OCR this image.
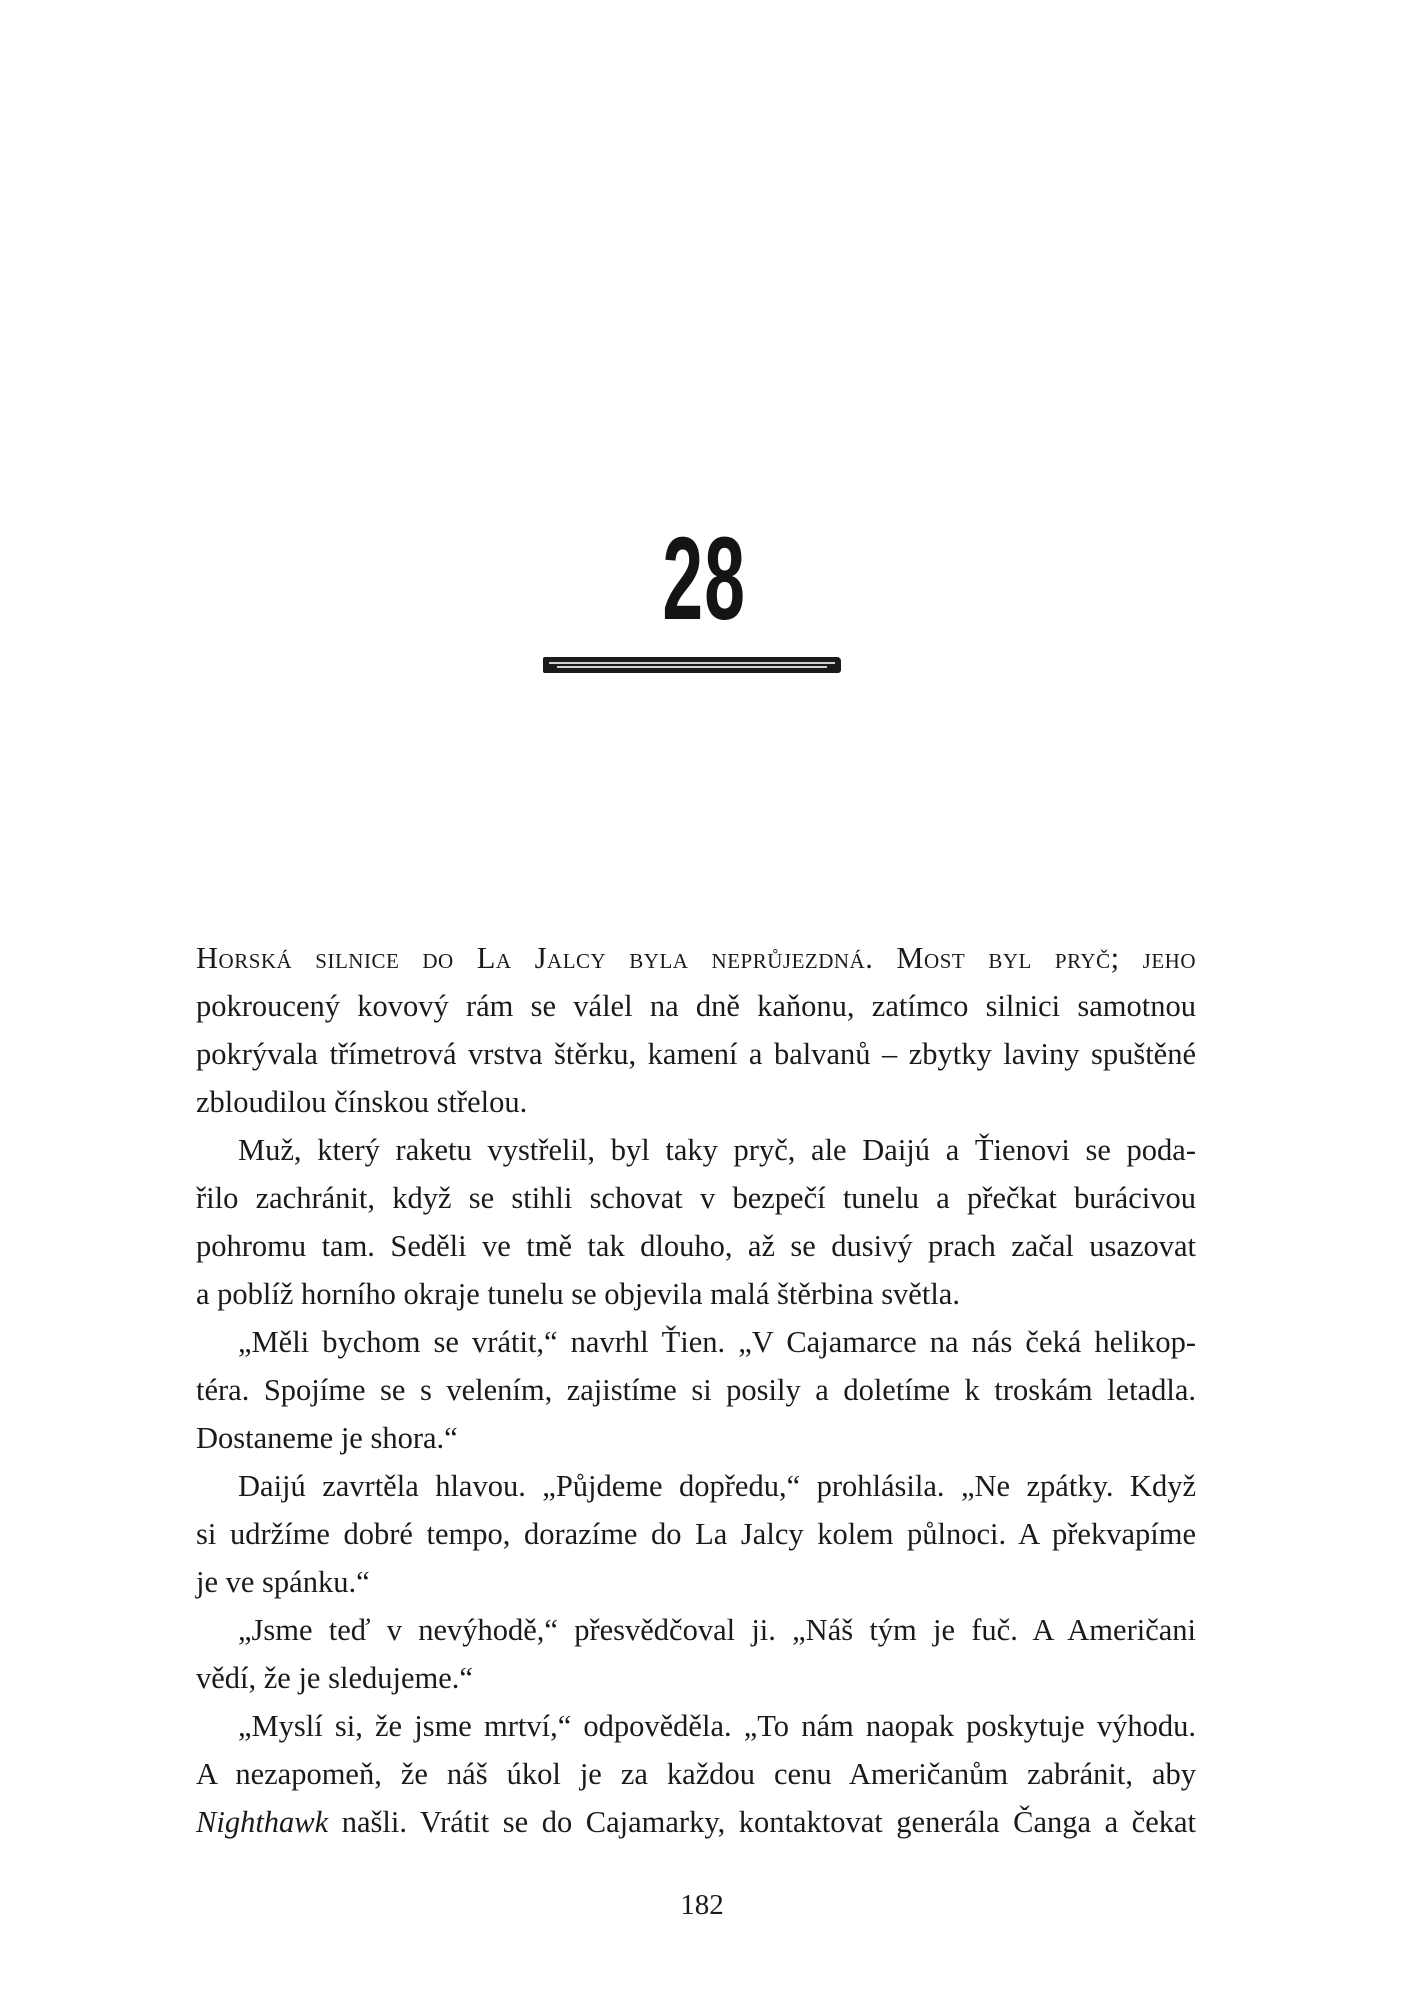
28
Horská silnice do La Jalcy byla neprůjezdná. Most byl pryč; jeho

pokroucený kovový rám se válel na dně kaňonu, zatímco silnici samotnou
pokrývala třímetrová vrstva štěrku, kamení a balvanů – zbytky laviny spuštěné
zbloudilou čínskou střelou.

Muž, který raketu vystřelil, byl taky pryč, ale Daijú a Ťienovi se poda-
řilo zachránit, když se stihli schovat v bezpečí tunelu a přečkat burácivou
pohromu tam. Seděli ve tmě tak dlouho, až se dusivý prach začal usazovat
a poblíž horního okraje tunelu se objevila malá štěrbina světla.

„Měli bychom se vrátit,“ navrhl Ťien. „V Cajamarce na nás čeká helikop-
téra. Spojíme se s velením, zajistíme si posily a doletíme k troskám letadla.
Dostaneme je shora.“

Daijú zavrtěla hlavou. „Půjdeme dopředu,“ prohlásila. „Ne zpátky. Když
si udržíme dobré tempo, dorazíme do La Jalcy kolem půlnoci. A překvapíme
je ve spánku.“

„Jsme teď v nevýhodě,“ přesvědčoval ji. „Náš tým je fuč. A Američani
vědí, že je sledujeme.“

„Myslí si, že jsme mrtví,“ odpověděla. „To nám naopak poskytuje výhodu.
A nezapomeň, že náš úkol je za každou cenu Američanům zabránit, aby
Nighthawk našli. Vrátit se do Cajamarky, kontaktovat generála Čanga a čekat

182
